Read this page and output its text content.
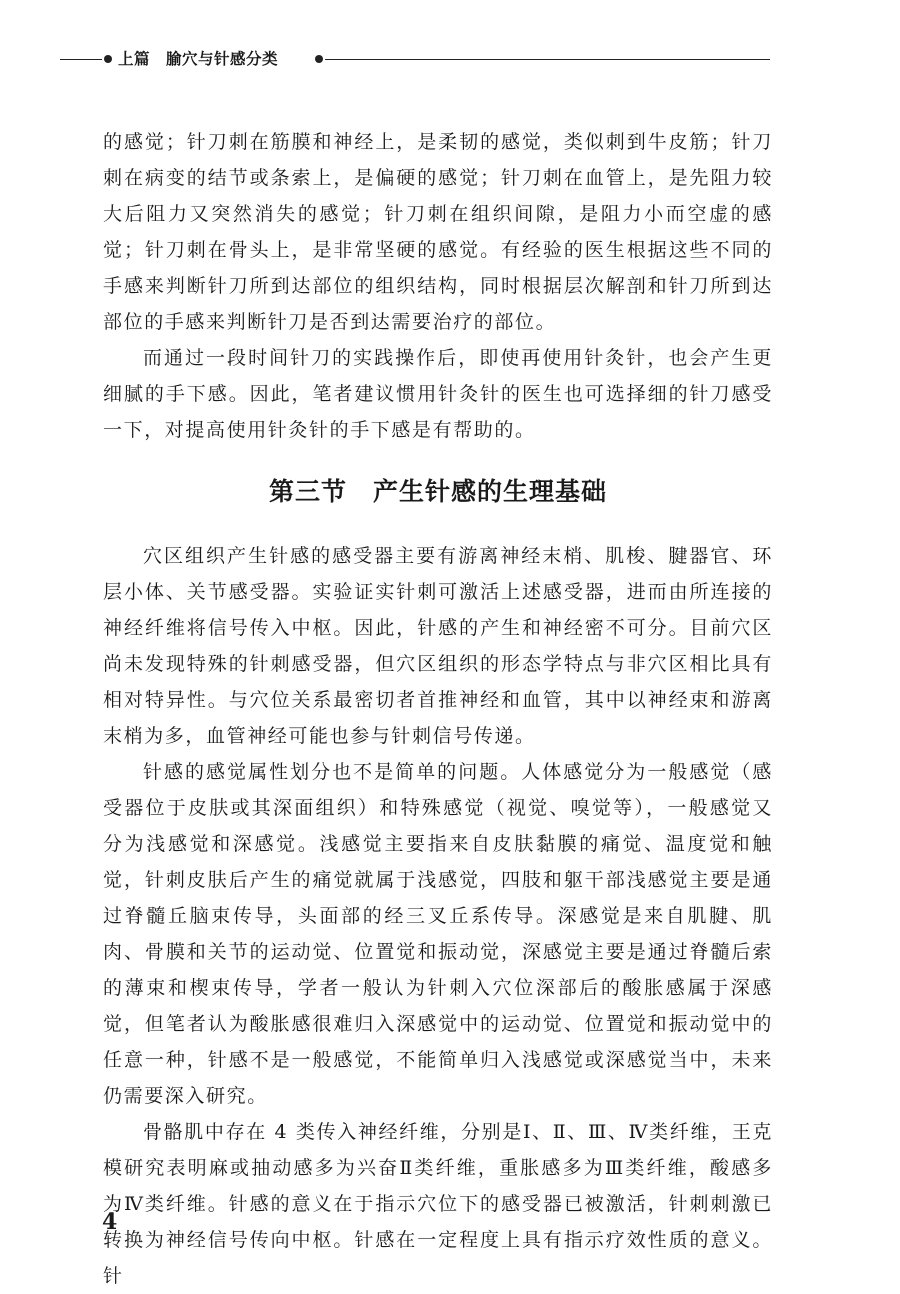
上篇　腧穴与针感分类

的感觉；针刀刺在筋膜和神经上，是柔韧的感觉，类似刺到牛皮筋；针刀刺在病变的结节或条索上，是偏硬的感觉；针刀刺在血管上，是先阻力较大后阻力又突然消失的感觉；针刀刺在组织间隙，是阻力小而空虚的感觉；针刀刺在骨头上，是非常坚硬的感觉。有经验的医生根据这些不同的手感来判断针刀所到达部位的组织结构，同时根据层次解剖和针刀所到达部位的手感来判断针刀是否到达需要治疗的部位。

而通过一段时间针刀的实践操作后，即使再使用针灸针，也会产生更细腻的手下感。因此，笔者建议惯用针灸针的医生也可选择细的针刀感受一下，对提高使用针灸针的手下感是有帮助的。

第三节　产生针感的生理基础

穴区组织产生针感的感受器主要有游离神经末梢、肌梭、腱器官、环层小体、关节感受器。实验证实针刺可激活上述感受器，进而由所连接的神经纤维将信号传入中枢。因此，针感的产生和神经密不可分。目前穴区尚未发现特殊的针刺感受器，但穴区组织的形态学特点与非穴区相比具有相对特异性。与穴位关系最密切者首推神经和血管，其中以神经束和游离末梢为多，血管神经可能也参与针刺信号传递。

针感的感觉属性划分也不是简单的问题。人体感觉分为一般感觉（感受器位于皮肤或其深面组织）和特殊感觉（视觉、嗅觉等），一般感觉又分为浅感觉和深感觉。浅感觉主要指来自皮肤黏膜的痛觉、温度觉和触觉，针刺皮肤后产生的痛觉就属于浅感觉，四肢和躯干部浅感觉主要是通过脊髓丘脑束传导，头面部的经三叉丘系传导。深感觉是来自肌腱、肌肉、骨膜和关节的运动觉、位置觉和振动觉，深感觉主要是通过脊髓后索的薄束和楔束传导，学者一般认为针刺入穴位深部后的酸胀感属于深感觉，但笔者认为酸胀感很难归入深感觉中的运动觉、位置觉和振动觉中的任意一种，针感不是一般感觉，不能简单归入浅感觉或深感觉当中，未来仍需要深入研究。

骨骼肌中存在 4 类传入神经纤维，分别是Ⅰ、Ⅱ、Ⅲ、Ⅳ类纤维，王克模研究表明麻或抽动感多为兴奋Ⅱ类纤维，重胀感多为Ⅲ类纤维，酸感多为Ⅳ类纤维。针感的意义在于指示穴位下的感受器已被激活，针刺刺激已转换为神经信号传向中枢。针感在一定程度上具有指示疗效性质的意义。针

4
